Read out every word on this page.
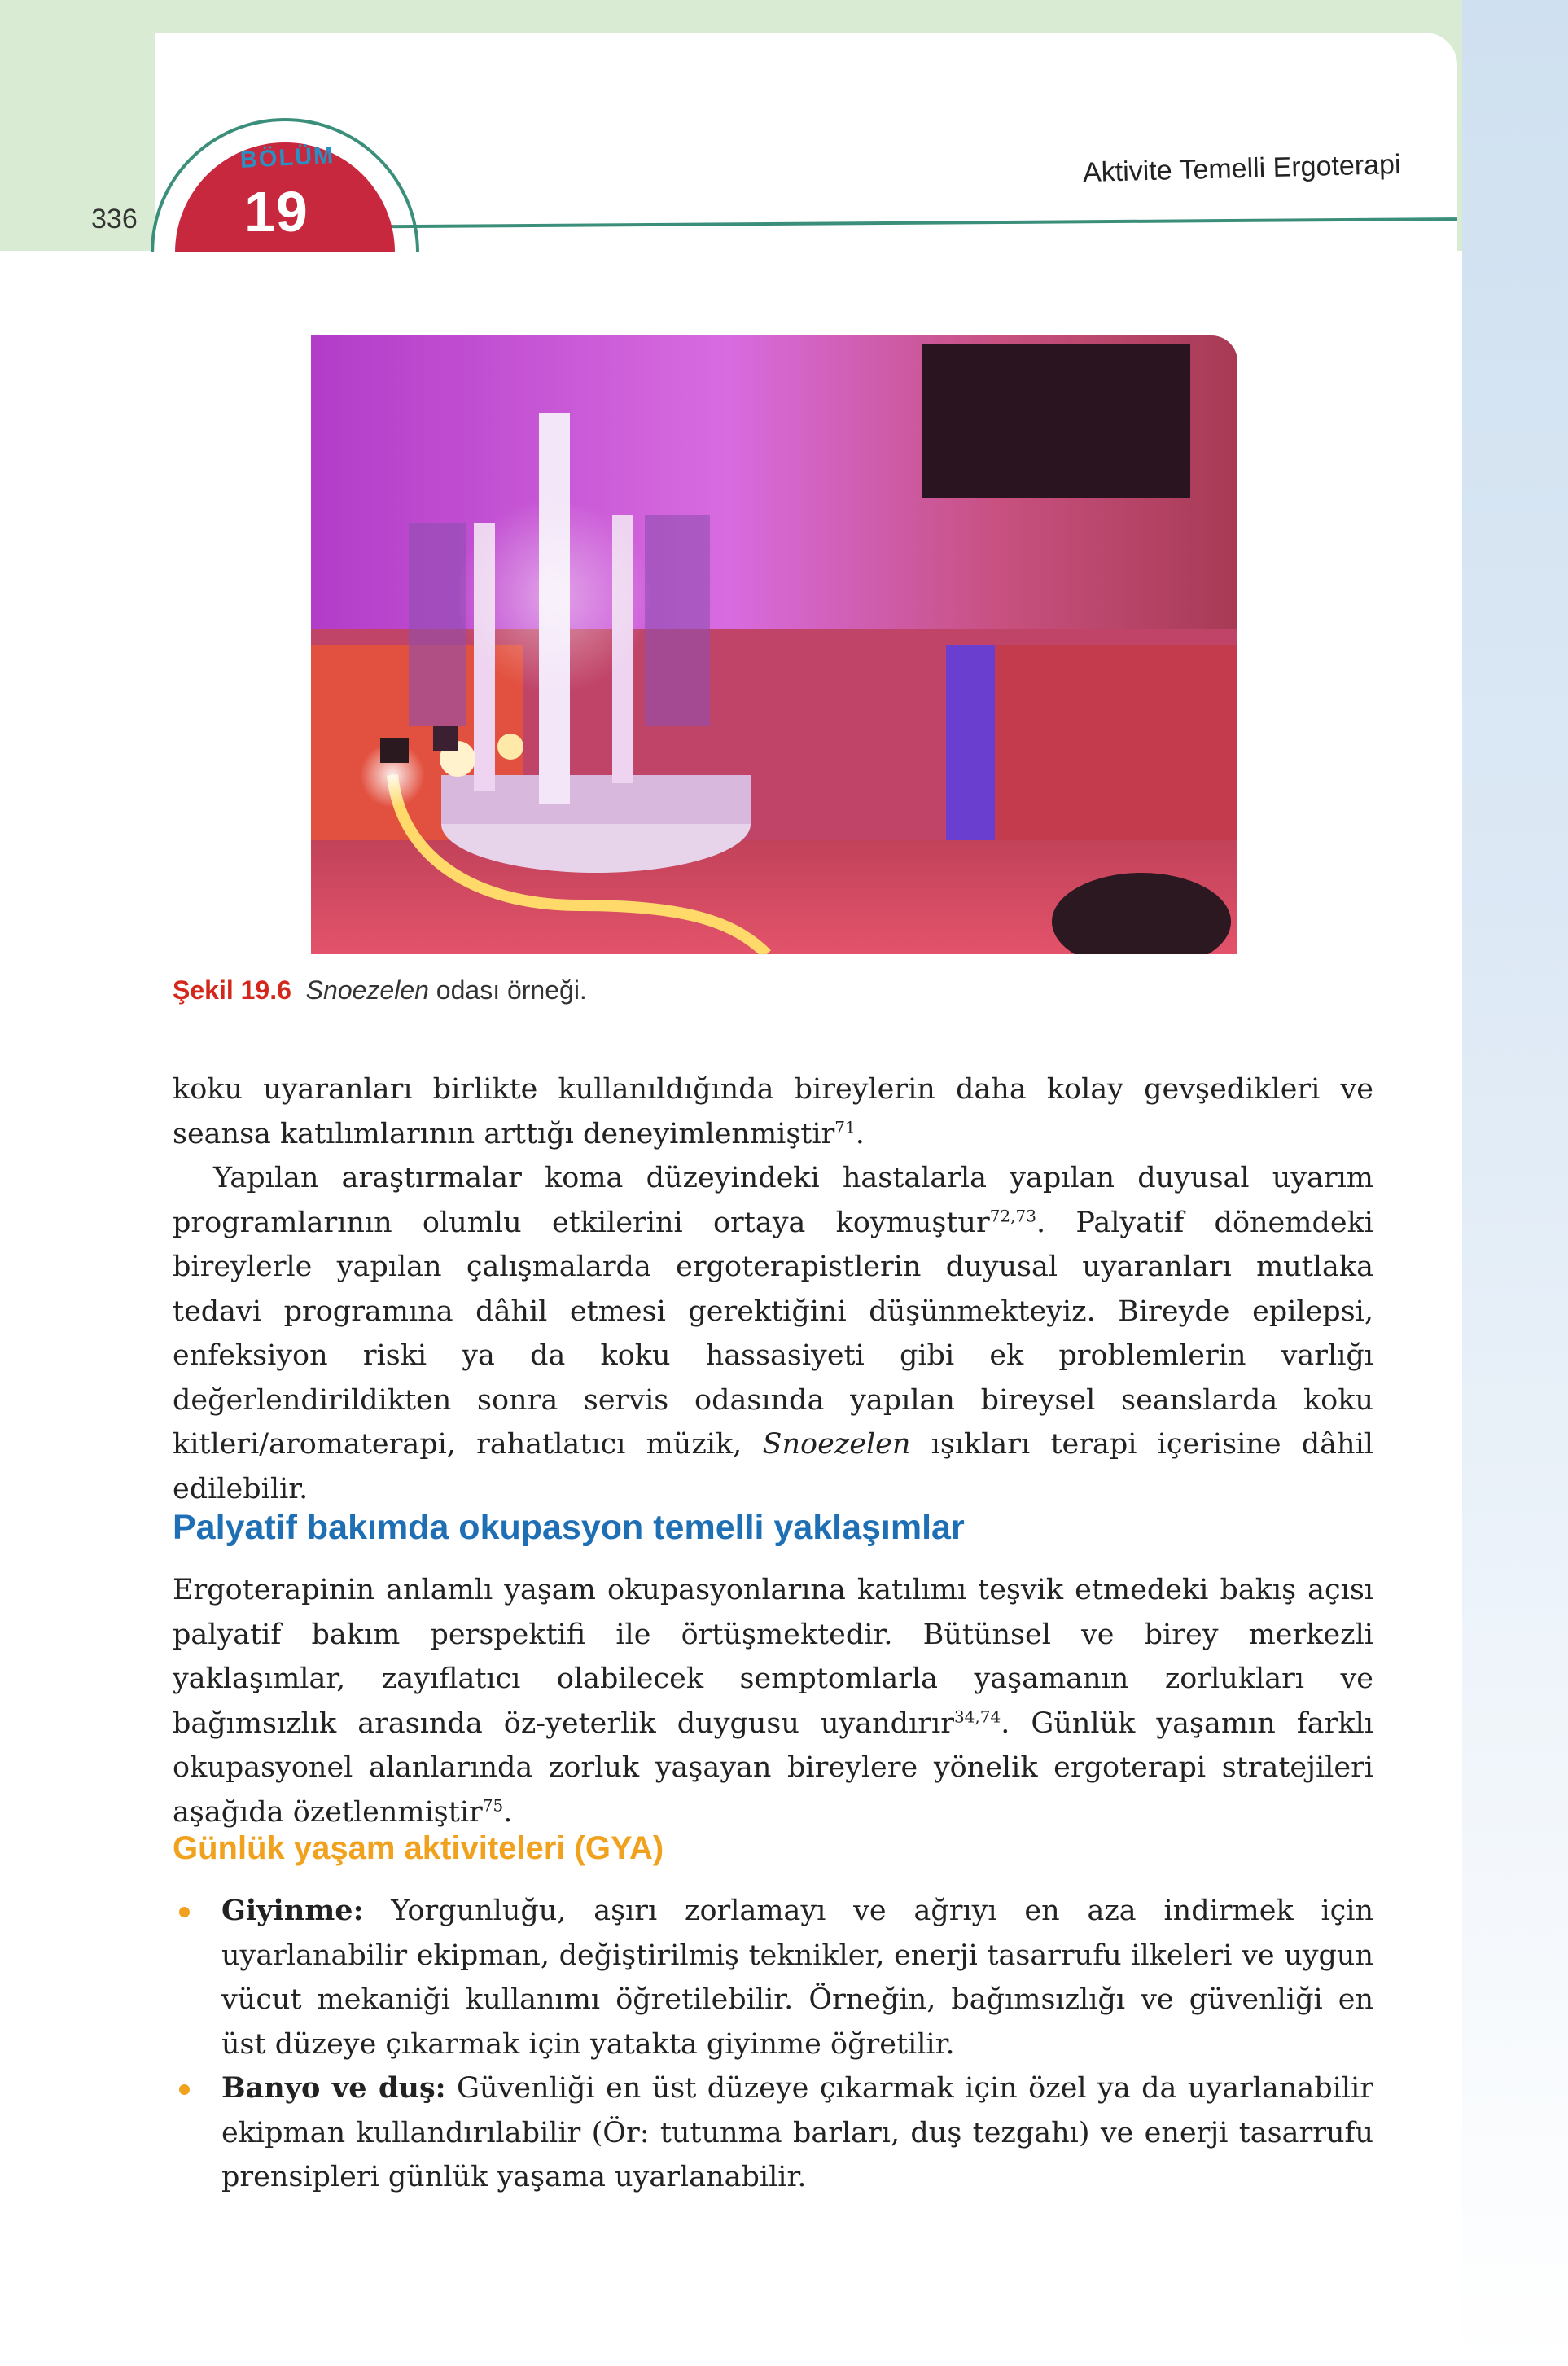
336
BÖLÜM
19
Aktivite Temelli Ergoterapi
Şekil 19.6 Snoezelen odası örneği.

koku uyaranları birlikte kullanıldığında bireylerin daha kolay gevşedikleri ve seansa katılımlarının arttığı deneyimlenmiştir$^{71}$.

Yapılan araştırmalar koma düzeyindeki hastalarla yapılan duyusal uyarım programlarının olumlu etkilerini ortaya koymuştur$^{72,73}$. Palyatif dönemdeki bireylerle yapılan çalışmalarda ergoterapistlerin duyusal uyaranları mutlaka tedavi programına dâhil etmesi gerektiğini düşünmekteyiz. Bireyde epilepsi, enfeksiyon riski ya da koku hassasiyeti gibi ek problemlerin varlığı değerlendirildikten sonra servis odasında yapılan bireysel seanslarda koku kitleri/aromaterapi, rahatlatıcı müzik, Snoezelen ışıkları terapi içerisine dâhil edilebilir.

Palyatif bakımda okupasyon temelli yaklaşımlar

Ergoterapinin anlamlı yaşam okupasyonlarına katılımı teşvik etmedeki bakış açısı palyatif bakım perspektifi ile örtüşmektedir. Bütünsel ve birey merkezli yaklaşımlar, zayıflatıcı olabilecek semptomlarla yaşamanın zorlukları ve bağımsızlık arasında öz-yeterlik duygusu uyandırır$^{34,74}$. Günlük yaşamın farklı okupasyonel alanlarında zorluk yaşayan bireylere yönelik ergoterapi stratejileri aşağıda özetlenmiştir$^{75}$.

Günlük yaşam aktiviteleri (GYA)
Giyinme: Yorgunluğu, aşırı zorlamayı ve ağrıyı en aza indirmek için uyarlanabilir ekipman, değiştirilmiş teknikler, enerji tasarrufu ilkeleri ve uygun vücut mekaniği kullanımı öğretilebilir. Örneğin, bağımsızlığı ve güvenliği en üst düzeye çıkarmak için yatakta giyinme öğretilir.
Banyo ve duş: Güvenliği en üst düzeye çıkarmak için özel ya da uyarlanabilir ekipman kullandırılabilir (Ör: tutunma barları, duş tezgahı) ve enerji tasarrufu prensipleri günlük yaşama uyarlanabilir.
